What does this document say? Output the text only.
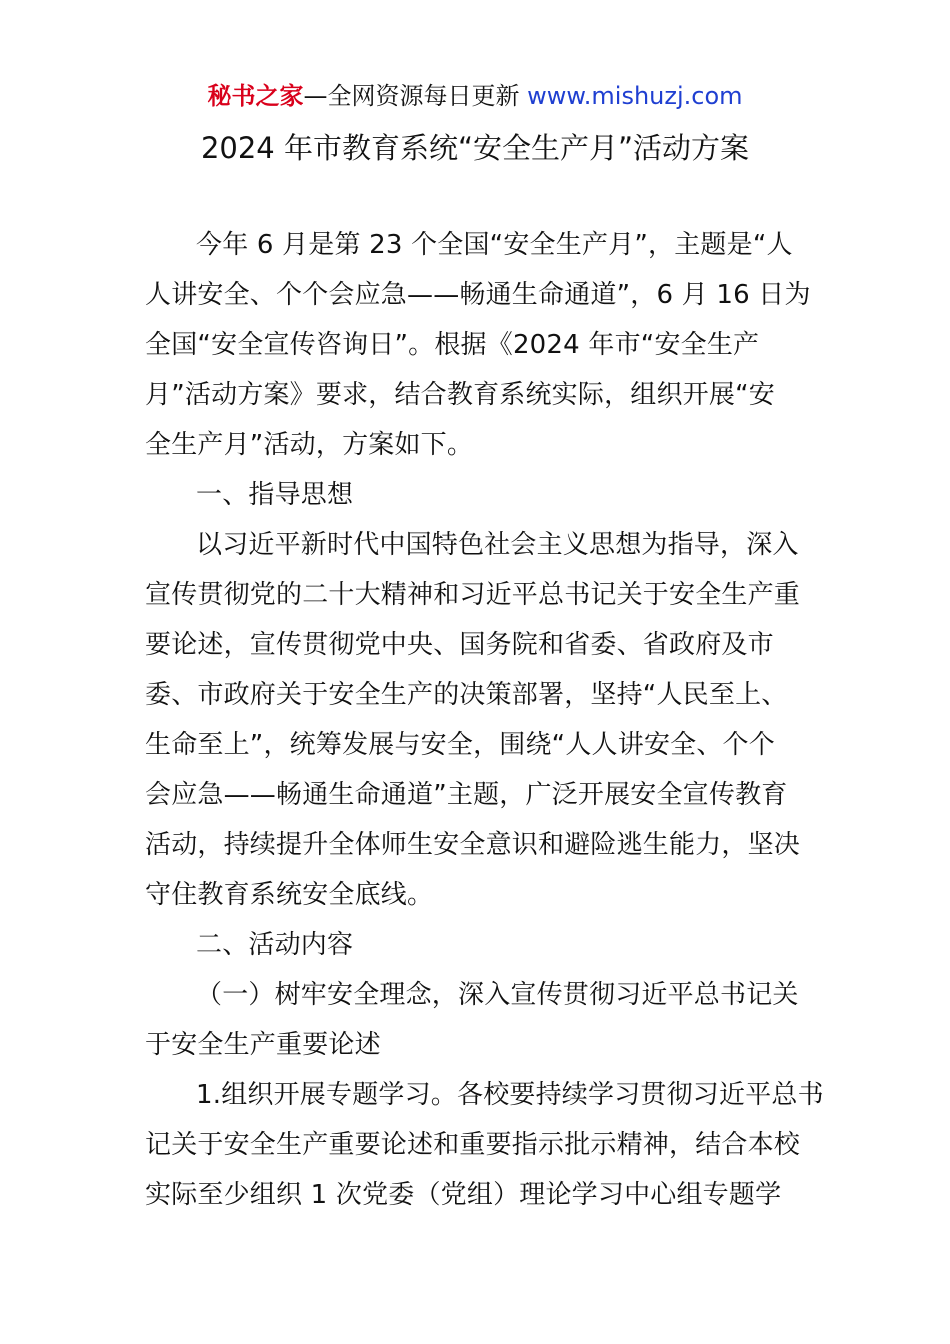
秘书之家—全网资源每日更新 www.mishuzj.com
2024 年市教育系统“安全生产月”活动方案
今年 6 月是第 23 个全国“安全生产月”，主题是“人
人讲安全、个个会应急——畅通生命通道”，6 月 16 日为
全国“安全宣传咨询日”。根据《2024 年市“安全生产
月”活动方案》要求，结合教育系统实际，组织开展“安
全生产月”活动，方案如下。
一、指导思想
以习近平新时代中国特色社会主义思想为指导，深入
宣传贯彻党的二十大精神和习近平总书记关于安全生产重
要论述，宣传贯彻党中央、国务院和省委、省政府及市
委、市政府关于安全生产的决策部署，坚持“人民至上、
生命至上”，统筹发展与安全，围绕“人人讲安全、个个
会应急——畅通生命通道”主题，广泛开展安全宣传教育
活动，持续提升全体师生安全意识和避险逃生能力，坚决
守住教育系统安全底线。
二、活动内容
（一）树牢安全理念，深入宣传贯彻习近平总书记关
于安全生产重要论述
1.组织开展专题学习。各校要持续学习贯彻习近平总书
记关于安全生产重要论述和重要指示批示精神，结合本校
实际至少组织 1 次党委（党组）理论学习中心组专题学
